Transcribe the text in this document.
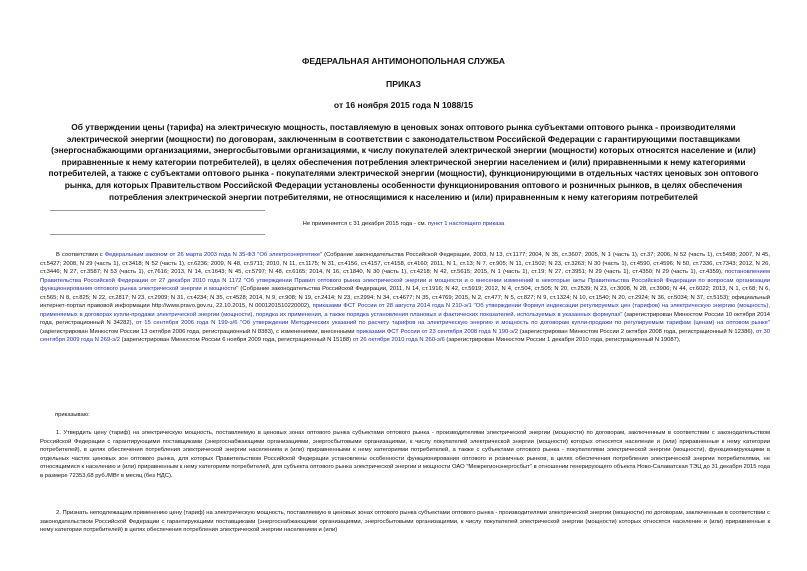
ФЕДЕРАЛЬНАЯ АНТИМОНОПОЛЬНАЯ СЛУЖБА
ПРИКАЗ
от 16 ноября 2015 года N 1088/15
Об утверждении цены (тарифа) на электрическую мощность, поставляемую в ценовых зонах оптового рынка субъектами оптового рынка - производителями электрической энергии (мощности) по договорам, заключенным в соответствии с законодательством Российской Федерации с гарантирующими поставщиками (энергоснабжающими организациями, энергосбытовыми организациями, к числу покупателей электрической энергии (мощности) которых относятся население и (или) приравненные к нему категории потребителей), в целях обеспечения потребления электрической энергии населением и (или) приравненными к нему категориями потребителей, а также с субъектами оптового рынка - покупателями электрической энергии (мощности), функционирующими в отдельных частях ценовых зон оптового рынка, для которых Правительством Российской Федерации установлены особенности функционирования оптового и розничных рынков, в целях обеспечения потребления электрической энергии потребителями, не относящимися к населению и (или) приравненным к нему категориям потребителей
Не применяется с 31 декабря 2015 года - см. пункт 1 настоящего приказа
В соответствии с Федеральным законом от 26 марта 2003 года N 35-ФЗ "Об электроэнергетике" (Собрание законодательства Российской Федерации, 2003, N 13, ст.1177; 2004, N 35, ст.3607; 2005, N 1 (часть 1), ст.37; 2006, N 52 (часть 1), ст.5498; 2007, N 45, ст.5427; 2008, N 29 (часть 1), ст.3418; N 52 (часть 1), ст.6236; 2009, N 48, ст.5711; 2010, N 11, ст.1175; N 31, ст.4156, ст.4157, ст.4158, ст.4160; 2011, N 1, ст.13; N 7, ст.905; N 11, ст.1502; N 23, ст.3263; N 30 (часть 1), ст.4590, ст.4596; N 50, ст.7336, ст.7343; 2012, N 26, ст.3446; N 27, ст.3587; N 53 (часть 1), ст.7616; 2013, N 14, ст.1643; N 45, ст.5797; N 48, ст.6165; 2014, N 16, ст.1840, N 30 (часть 1), ст.4218; N 42, ст.5615; 2015, N 1 (часть 1), ст.19; N 27, ст.3951; N 29 (часть 1), ст.4350; N 29 (часть 1), ст.4359), постановлением Правительства Российской Федерации от 27 декабря 2010 года N 1172 "Об утверждении Правил оптового рынка электрической энергии и мощности и о внесении изменений в некоторые акты Правительства Российской Федерации по вопросам организации функционирования оптового рынка электрической энергии и мощности" (Собрание законодательства Российской Федерации, 2011, N 14, ст.1916; N 42, ст.5919; 2012, N 4, ст.504, ст.505; N 20, ст.2539; N 23, ст.3008, N 28, ст.3906; N 44, ст.6022; 2013, N 1, ст.68; N 6, ст.565; N 8, ст.825; N 22, ст.2817; N 23, ст.2909; N 31, ст.4234; N 35, ст.4528; 2014, N 9, ст.908; N 19, ст.2414; N 23, ст.2994; N 34, ст.4677; N 35, ст.4769; 2015, N 2, ст.477; N 5, ст.827; N 9, ст.1324; N 10, ст.1540; N 20, ст.2924; N 36, ст.5034; N 37, ст.5153); официальный интернет-портал правовой информации http://www.pravo.gov.ru, 22.10.2015, N 0001201510220002), приказами ФСТ России от 28 августа 2014 года N 210-э/1 "Об утверждении Формул индексации регулируемых цен (тарифов) на электрическую энергию (мощность), применяемых в договорах купли-продажи электрической энергии (мощности), порядка их применения, а также порядка установления плановых и фактических показателей, используемых в указанных формулах" (зарегистрирован Минюстом России 10 октября 2014 года, регистрационный N 34282), от 15 сентября 2006 года N 199-э/6 "Об утверждении Методических указаний по расчету тарифов на электрическую энергию и мощность по договорам купли-продажи по регулируемым тарифам (ценам) на оптовом рынке" (зарегистрирован Минюстом России 13 октября 2006 года, регистрационный N 8383), с изменениями, внесенными приказами ФСТ России от 23 сентября 2008 года N 190-э/2 (зарегистрирован Минюстом России 2 октября 2008 года, регистрационный N 12386), от 30 сентября 2009 года N 269-э/2 (зарегистрирован Минюстом России 6 ноября 2009 года, регистрационный N 15188) от 26 октября 2010 года N 260-э/6 (зарегистрирован Минюстом России 1 декабря 2010 года, регистрационный N 19087),
приказываю:
1. Утвердить цену (тариф) на электрическую мощность, поставляемую в ценовых зонах оптового рынка субъектами оптового рынка - производителями электрической энергии (мощности) по договорам, заключенным в соответствии с законодательством Российской Федерации с гарантирующими поставщиками (энергоснабжающими организациями, энергосбытовыми организациями, к числу покупателей электрической энергии (мощности) которых относятся население и (или) приравненные к нему категории потребителей), в целях обеспечения потребления электрической энергии населением и (или) приравненными к нему категориями потребителей, а также с субъектами оптового рынка - покупателями электрической энергии (мощности), функционирующими в отдельных частях ценовых зон оптового рынка, для которых Правительством Российской Федерации установлены особенности функционирования оптового и розничных рынков, в целях обеспечения потребления электрической энергии потребителями, не относящимися к населению и (или) приравненным к нему категориям потребителей, для субъекта оптового рынка электрической энергии и мощности ОАО "Межрегионэнергосбыт" в отношении генерирующего объекта Ново-Салаватская ТЭЦ до 31 декабря 2015 года в размере 72353,68 руб./МВт в месяц (без НДС).
2. Признать неподлежащим применению цену (тариф) на электрическую мощность, поставляемую в ценовых зонах оптового рынка субъектами оптового рынка - производителями электрической энергии (мощности) по договорам, заключенным в соответствии с законодательством Российской Федерации с гарантирующими поставщиками (энергоснабжающими организациями, энергосбытовыми организациями, к числу покупателей электрической энергии (мощности) которых относятся население и (или) приравненные к нему категории потребителей) в целях обеспечения потребления электрической энергии населением и (или)
